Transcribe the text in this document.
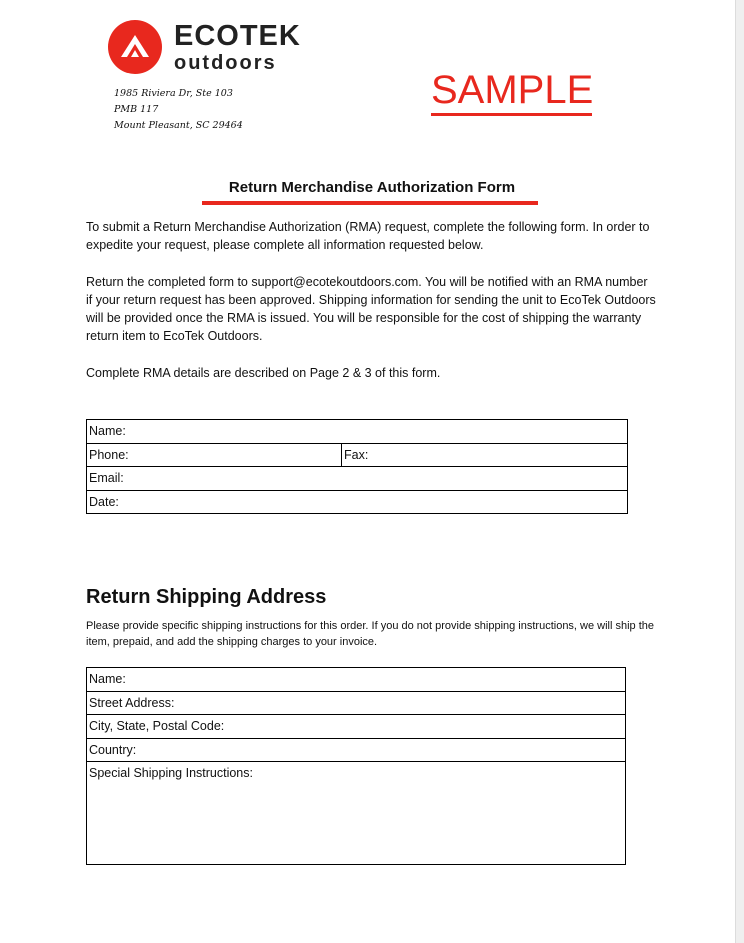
ECOTEK
outdoors
1985 Riviera Dr, Ste 103
PMB 117
Mount Pleasant, SC 29464
SAMPLE
Return Merchandise Authorization Form

To submit a Return Merchandise Authorization (RMA) request, complete the following form. In order to expedite your request, please complete all information requested below.

Return the completed form to support@ecotekoutdoors.com. You will be notified with an RMA number if your return request has been approved. Shipping information for sending the unit to EcoTek Outdoors will be provided once the RMA is issued. You will be responsible for the cost of shipping the warranty return item to EcoTek Outdoors.

Complete RMA details are described on Page 2 & 3 of this form.

Name:
Phone:	Fax:
Email:
Date:
Return Shipping Address

Please provide specific shipping instructions for this order. If you do not provide shipping instructions, we will ship the item, prepaid, and add the shipping charges to your invoice.

Name:
Street Address:
City, State, Postal Code:
Country:
Special Shipping Instructions:
